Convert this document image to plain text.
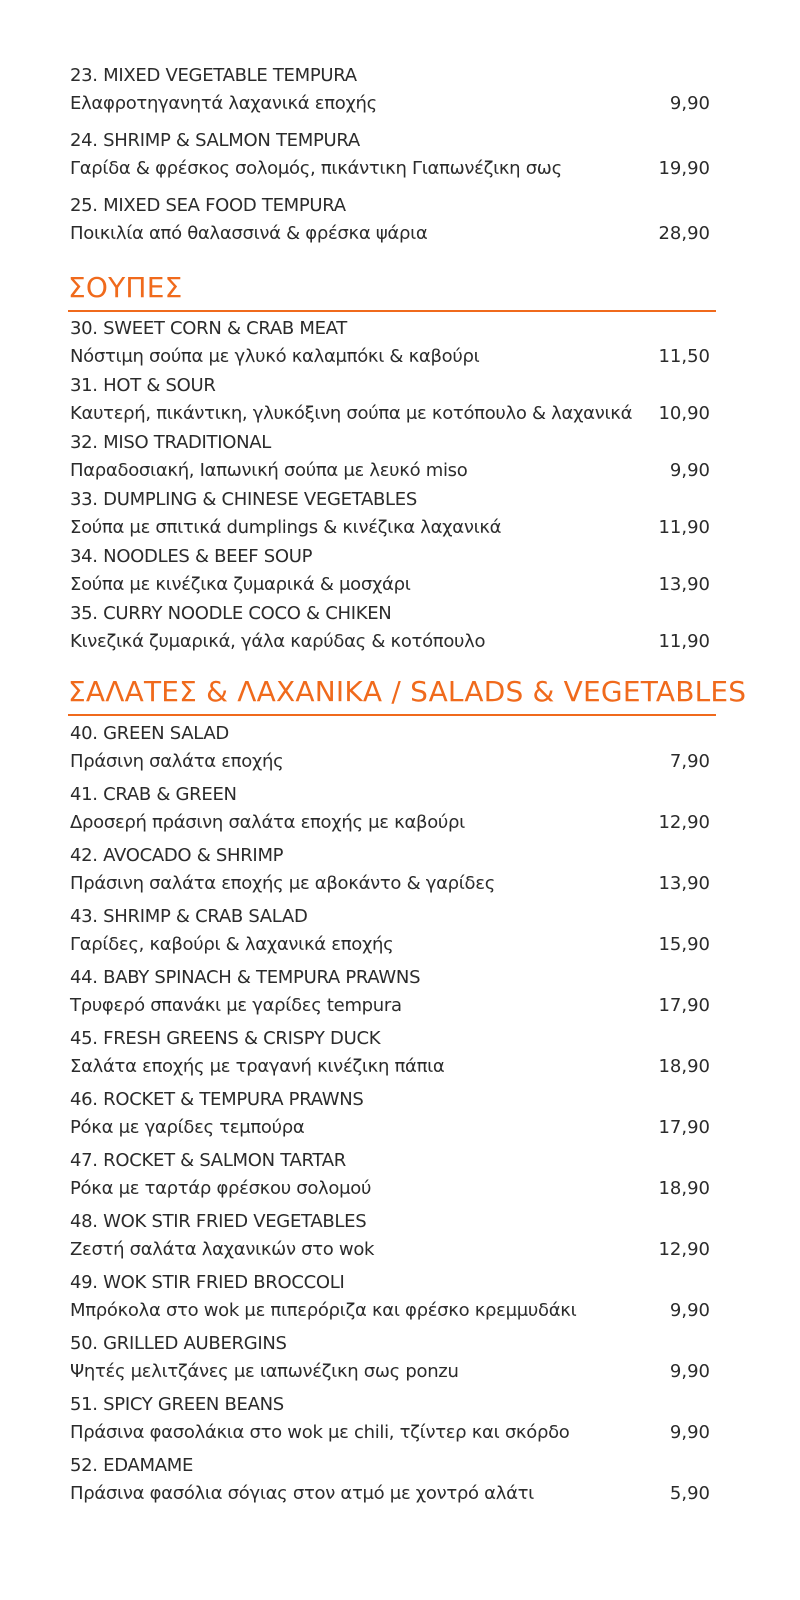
23. MIXED VEGETABLE TEMPURA
Ελαφροτηγανητά λαχανικά εποχής	9,90
24. SHRIMP & SALMON TEMPURA
Γαρίδα & φρέσκος σολομός, πικάντικη Γιαπωνέζικη σως	19,90
25. MIXED SEA FOOD TEMPURA
Ποικιλία από θαλασσινά & φρέσκα ψάρια	28,90
ΣΟΥΠΕΣ
30. SWEET CORN & CRAB MEAT
Νόστιμη σούπα με γλυκό καλαμπόκι & καβούρι	11,50
31. HOT & SOUR
Καυτερή, πικάντικη, γλυκόξινη σούπα με κοτόπουλο & λαχανικά	10,90
32. MISO TRADITIONAL
Παραδοσιακή, Ιαπωνική σούπα με λευκό miso	9,90
33. DUMPLING & CHINESE VEGETABLES
Σούπα με σπιτικά dumplings & κινέζικα λαχανικά	11,90
34. NOODLES & BEEF SOUP
Σούπα με κινέζικα ζυμαρικά & μοσχάρι	13,90
35. CURRY NOODLE COCO & CHIKEN
Κινεζικά ζυμαρικά, γάλα καρύδας & κοτόπουλο	11,90
ΣΑΛΑΤΕΣ & ΛΑΧΑΝΙΚΑ / SALADS & VEGETABLES
40. GREEN SALAD
Πράσινη σαλάτα εποχής	7,90
41. CRAB & GREEN
Δροσερή πράσινη σαλάτα εποχής με καβούρι	12,90
42. AVOCADO & SHRIMP
Πράσινη σαλάτα εποχής με αβοκάντο & γαρίδες	13,90
43. SHRIMP & CRAB SALAD
Γαρίδες, καβούρι & λαχανικά εποχής	15,90
44. BABY SPINACH & TEMPURA PRAWNS
Τρυφερό σπανάκι με γαρίδες tempura	17,90
45. FRESH GREENS & CRISPY DUCK
Σαλάτα εποχής με τραγανή κινέζικη πάπια	18,90
46. ROCKET & TEMPURA PRAWNS
Ρόκα με γαρίδες τεμπούρα	17,90
47. ROCKET & SALMON TARTAR
Ρόκα με ταρτάρ φρέσκου σολομού	18,90
48. WOK STIR FRIED VEGETABLES
Ζεστή σαλάτα λαχανικών στο wok	12,90
49. WOK STIR FRIED BROCCOLI
Μπρόκολα στο wok με πιπερόριζα και φρέσκο κρεμμυδάκι	9,90
50. GRILLED AUBERGINS
Ψητές μελιτζάνες με ιαπωνέζικη σως ponzu	9,90
51. SPICY GREEN BEANS
Πράσινα φασολάκια στο wok με chili, τζίντερ και σκόρδο	9,90
52. EDAMAME
Πράσινα φασόλια σόγιας στον ατμό με χοντρό αλάτι	5,90
